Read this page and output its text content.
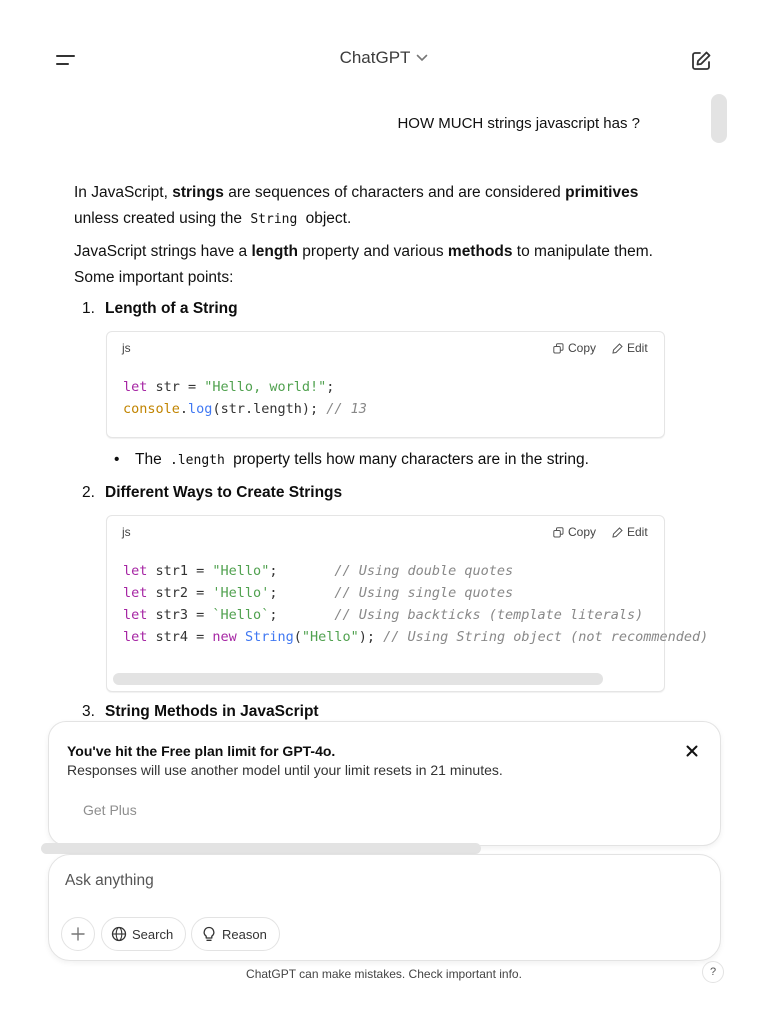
ChatGPT
HOW MUCH strings javascript has ?

In JavaScript, strings are sequences of characters and are considered primitives unless created using the String object.

JavaScript strings have a length property and various methods to manipulate them. Some important points:

1. Length of a String
js	Copy	Edit
let str = "Hello, world!";
console.log(str.length); // 13
• The .length property tells how many characters are in the string.
2. Different Ways to Create Strings
js	Copy	Edit
let str1 = "Hello";       // Using double quotes
let str2 = 'Hello';       // Using single quotes
let str3 = `Hello`;       // Using backticks (template literals)
let str4 = new String("Hello"); // Using String object (not recommended)
3. String Methods in JavaScript
You've hit the Free plan limit for GPT-4o.
Responses will use another model until your limit resets in 21 minutes.
Get Plus
Ask anything
Search	Reason
ChatGPT can make mistakes. Check important info.	?
